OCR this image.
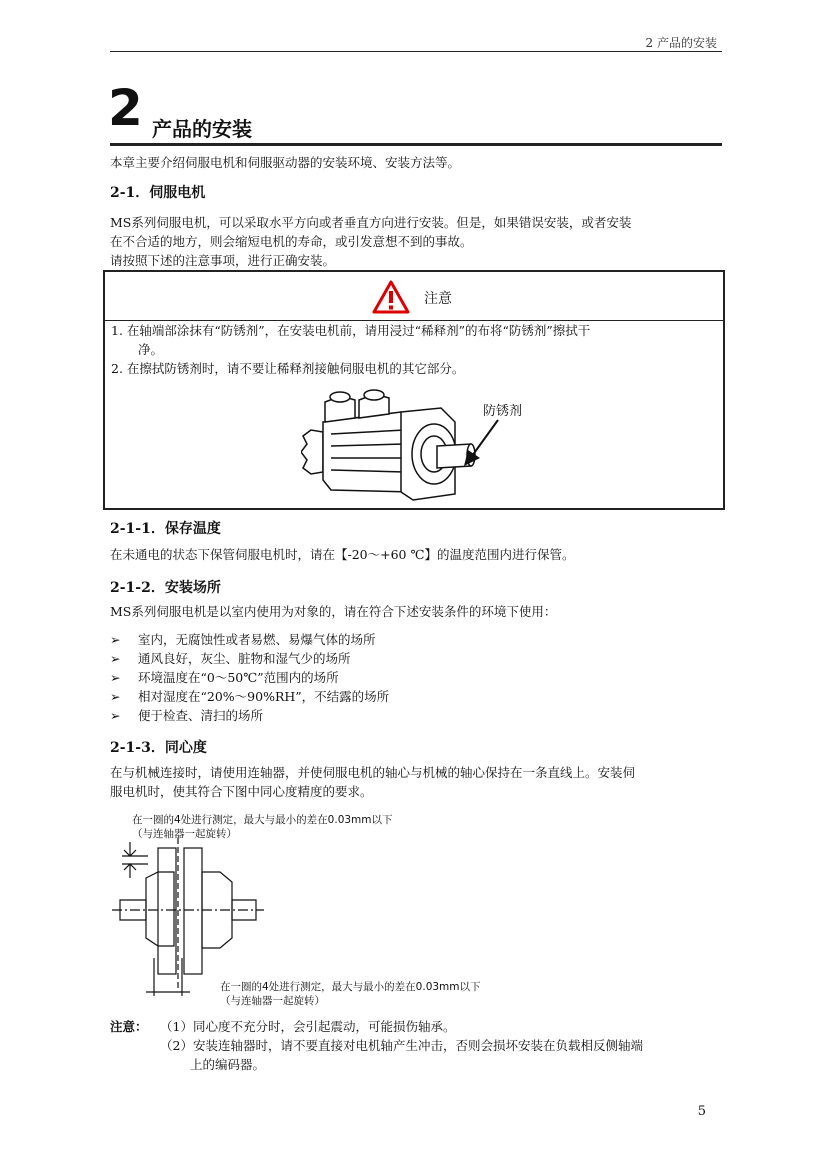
2 产品的安装
2 产品的安装
本章主要介绍伺服电机和伺服驱动器的安装环境、安装方法等。
2-1．伺服电机
MS系列伺服电机，可以采取水平方向或者垂直方向进行安装。但是，如果错误安装，或者安装
在不合适的地方，则会缩短电机的寿命，或引发意想不到的事故。
请按照下述的注意事项，进行正确安装。
注意
1. 在轴端部涂抹有“防锈剂”，在安装电机前，请用浸过“稀释剂”的布将“防锈剂”擦拭干
净。
2. 在擦拭防锈剂时，请不要让稀释剂接触伺服电机的其它部分。
防锈剂
2-1-1．保存温度
在未通电的状态下保管伺服电机时，请在【-20～+60 ℃】的温度范围内进行保管。
2-1-2．安装场所
MS系列伺服电机是以室内使用为对象的，请在符合下述安装条件的环境下使用：
➢ 室内，无腐蚀性或者易燃、易爆气体的场所
➢ 通风良好，灰尘、脏物和湿气少的场所
➢ 环境温度在“0～50℃”范围内的场所
➢ 相对湿度在“20%～90%RH”，不结露的场所
➢ 便于检查、清扫的场所
2-1-3．同心度
在与机械连接时，请使用连轴器，并使伺服电机的轴心与机械的轴心保持在一条直线上。安装伺
服电机时，使其符合下图中同心度精度的要求。
在一圈的4处进行测定，最大与最小的差在0.03mm以下
（与连轴器一起旋转）
在一圈的4处进行测定，最大与最小的差在0.03mm以下
（与连轴器一起旋转）
注意： （1）同心度不充分时，会引起震动，可能损伤轴承。
（2）安装连轴器时，请不要直接对电机轴产生冲击，否则会损坏安装在负载相反侧轴端
上的编码器。
5
